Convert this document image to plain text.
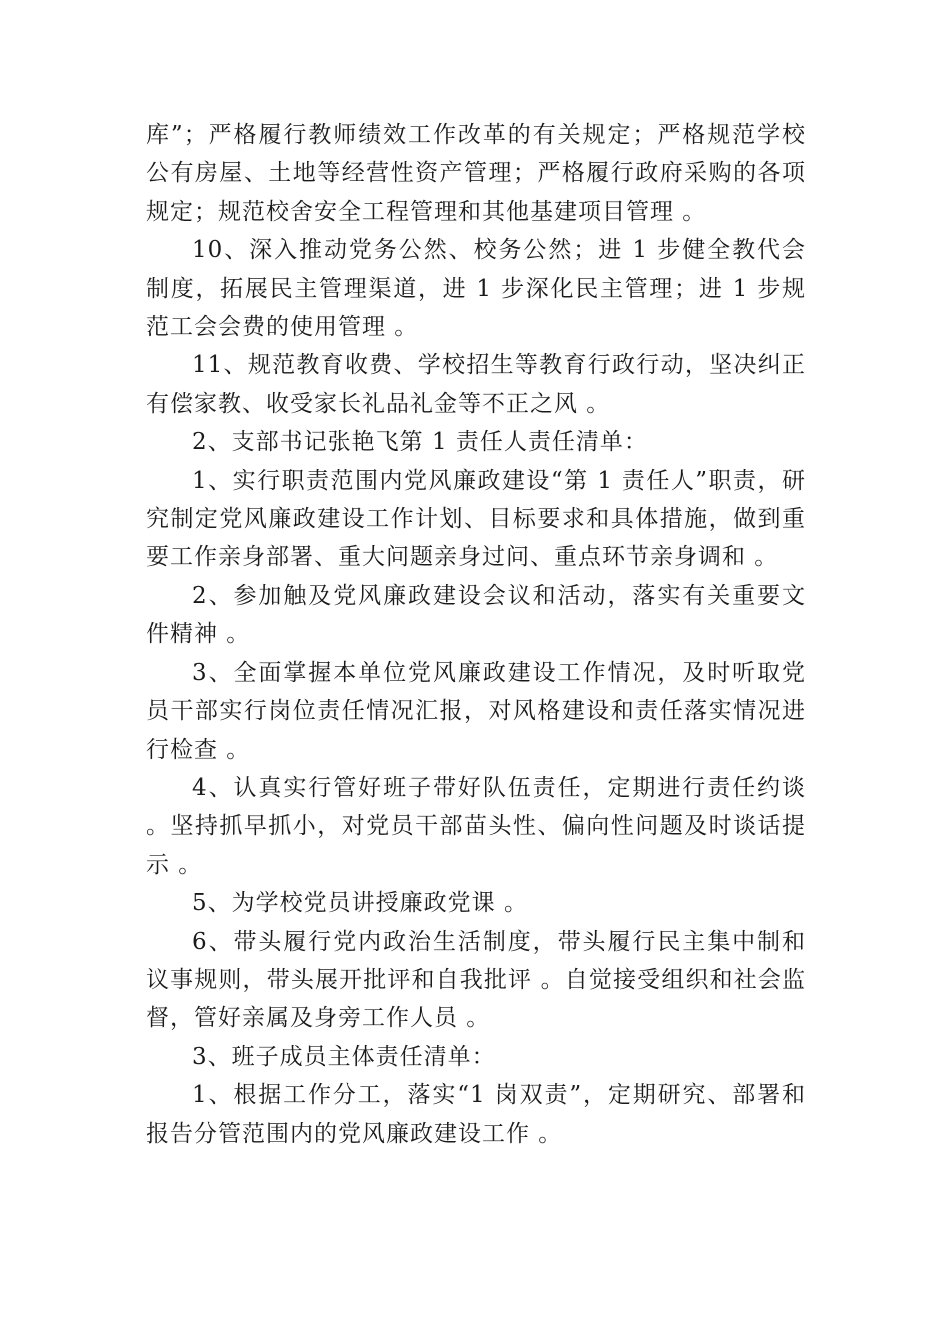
库”；严格履行教师绩效工作改革的有关规定；严格规范学校公有房屋、土地等经营性资产管理；严格履行政府采购的各项规定；规范校舍安全工程管理和其他基建项目管理 。

10、深入推动党务公然、校务公然；进 1 步健全教代会制度，拓展民主管理渠道，进 1 步深化民主管理；进 1 步规范工会会费的使用管理 。

11、规范教育收费、学校招生等教育行政行动，坚决纠正有偿家教、收受家长礼品礼金等不正之风 。

2、支部书记张艳飞第 1 责任人责任清单：

1、实行职责范围内党风廉政建设“第 1 责任人”职责，研究制定党风廉政建设工作计划、目标要求和具体措施，做到重要工作亲身部署、重大问题亲身过问、重点环节亲身调和 。

2、参加触及党风廉政建设会议和活动，落实有关重要文件精神 。

3、全面掌握本单位党风廉政建设工作情况，及时听取党员干部实行岗位责任情况汇报，对风格建设和责任落实情况进行检查 。

4、认真实行管好班子带好队伍责任，定期进行责任约谈 。坚持抓早抓小，对党员干部苗头性、偏向性问题及时谈话提示 。

5、为学校党员讲授廉政党课 。

6、带头履行党内政治生活制度，带头履行民主集中制和议事规则，带头展开批评和自我批评 。自觉接受组织和社会监督，管好亲属及身旁工作人员 。

3、班子成员主体责任清单：

1、根据工作分工，落实“1 岗双责”，定期研究、部署和报告分管范围内的党风廉政建设工作 。
